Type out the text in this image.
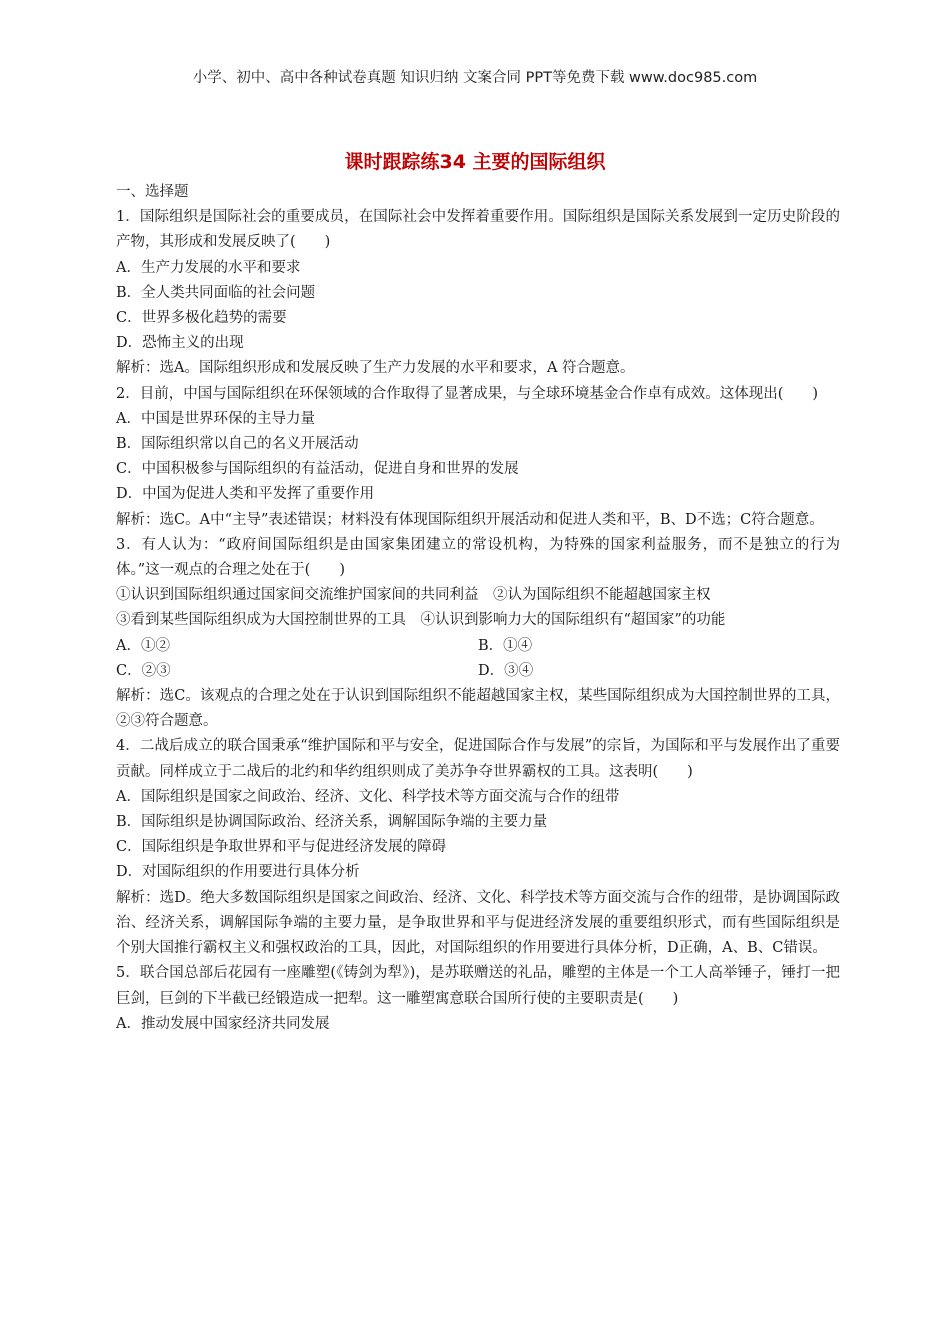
小学、初中、高中各种试卷真题 知识归纳 文案合同 PPT等免费下载 www.doc985.com
课时跟踪练34 主要的国际组织

一、选择题

1．国际组织是国际社会的重要成员，在国际社会中发挥着重要作用。国际组织是国际关系发展到一定历史阶段的产物，其形成和发展反映了(　　)

A．生产力发展的水平和要求

B．全人类共同面临的社会问题

C．世界多极化趋势的需要

D．恐怖主义的出现

解析：选A。国际组织形成和发展反映了生产力发展的水平和要求，A 符合题意。

2．目前，中国与国际组织在环保领域的合作取得了显著成果，与全球环境基金合作卓有成效。这体现出(　　)

A．中国是世界环保的主导力量

B．国际组织常以自己的名义开展活动

C．中国积极参与国际组织的有益活动，促进自身和世界的发展

D．中国为促进人类和平发挥了重要作用

解析：选C。A中“主导”表述错误；材料没有体现国际组织开展活动和促进人类和平，B、D不选；C符合题意。

3．有人认为：“政府间国际组织是由国家集团建立的常设机构，为特殊的国家利益服务，而不是独立的行为体。”这一观点的合理之处在于(　　)

①认识到国际组织通过国家间交流维护国家间的共同利益　②认为国际组织不能超越国家主权

③看到某些国际组织成为大国控制世界的工具　④认识到影响力大的国际组织有“超国家”的功能

A．①②	B．①④
C．②③	D．③④

解析：选C。该观点的合理之处在于认识到国际组织不能超越国家主权，某些国际组织成为大国控制世界的工具，②③符合题意。

4．二战后成立的联合国秉承“维护国际和平与安全，促进国际合作与发展”的宗旨，为国际和平与发展作出了重要贡献。同样成立于二战后的北约和华约组织则成了美苏争夺世界霸权的工具。这表明(　　)

A．国际组织是国家之间政治、经济、文化、科学技术等方面交流与合作的纽带

B．国际组织是协调国际政治、经济关系，调解国际争端的主要力量

C．国际组织是争取世界和平与促进经济发展的障碍

D．对国际组织的作用要进行具体分析

解析：选D。绝大多数国际组织是国家之间政治、经济、文化、科学技术等方面交流与合作的纽带，是协调国际政治、经济关系，调解国际争端的主要力量，是争取世界和平与促进经济发展的重要组织形式，而有些国际组织是个别大国推行霸权主义和强权政治的工具，因此，对国际组织的作用要进行具体分析，D正确，A、B、C错误。

5．联合国总部后花园有一座雕塑(《铸剑为犁》)，是苏联赠送的礼品，雕塑的主体是一个工人高举锤子，锤打一把巨剑，巨剑的下半截已经锻造成一把犁。这一雕塑寓意联合国所行使的主要职责是(　　)

A．推动发展中国家经济共同发展
